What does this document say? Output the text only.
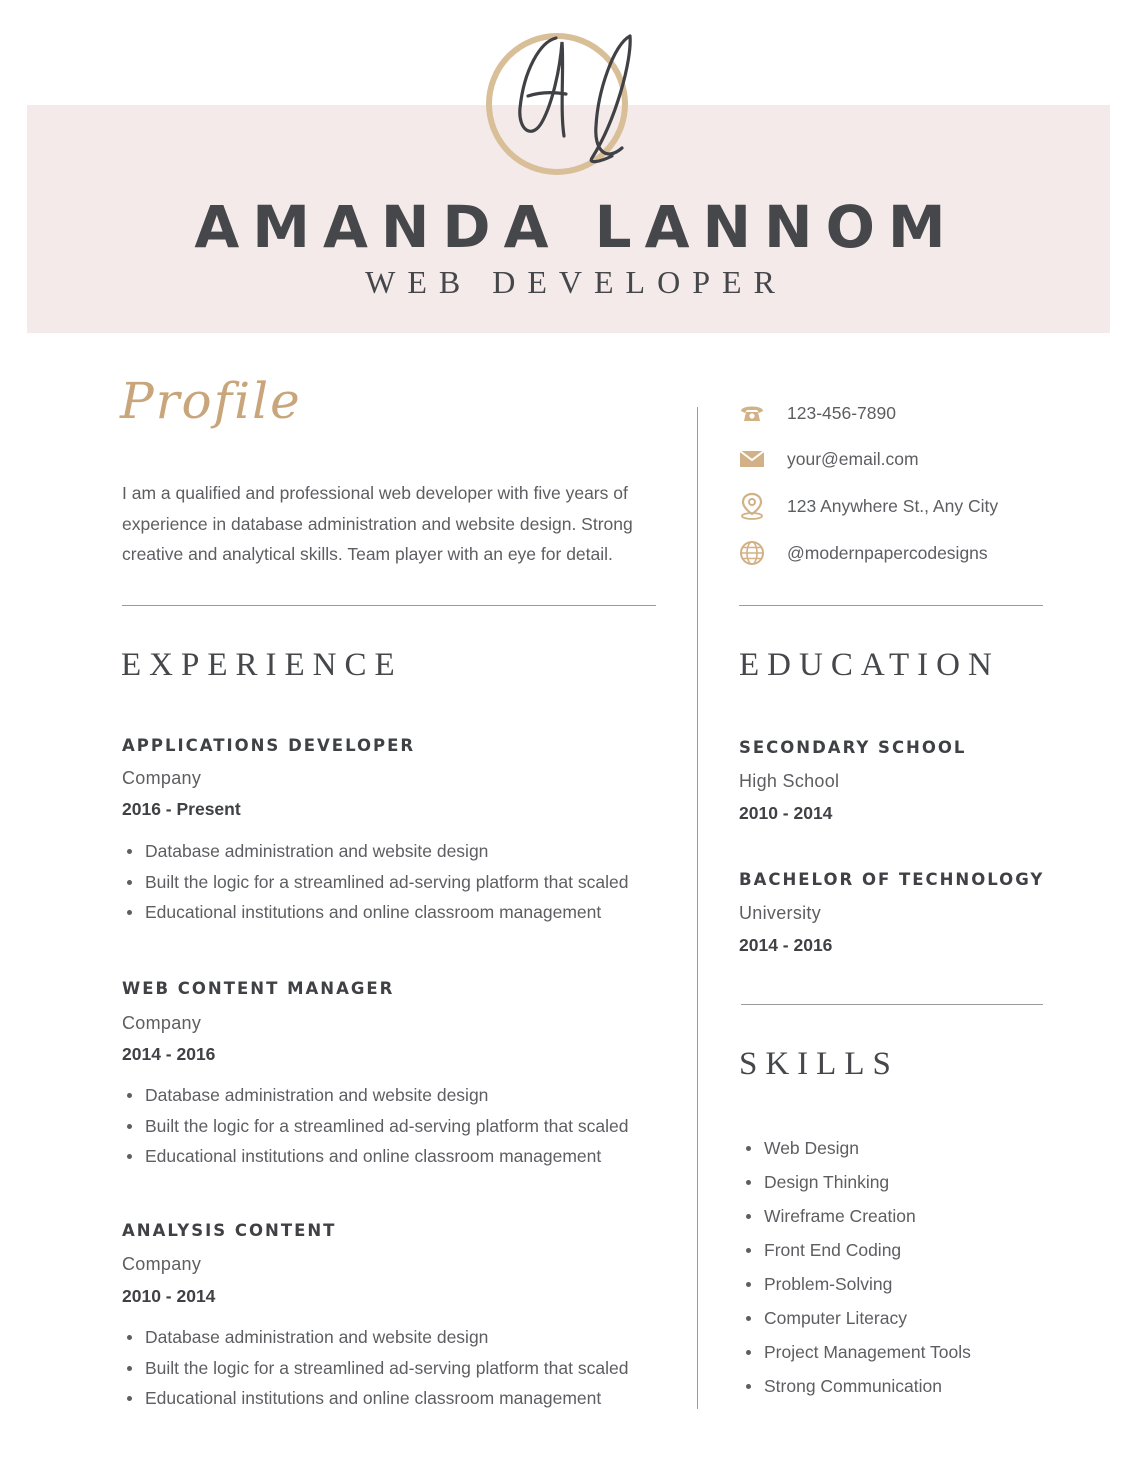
AMANDA LANNOM
WEB DEVELOPER
Profile
I am a qualified and professional web developer with five years of experience in database administration and website design. Strong creative and analytical skills. Team player with an eye for detail.
123-456-7890
your@email.com
123 Anywhere St., Any City
@modernpapercodesigns
EXPERIENCE
APPLICATIONS DEVELOPER
Company
2016 - Present
Database administration and website design
Built the logic for a streamlined ad-serving platform that scaled
Educational institutions and online classroom management
WEB CONTENT MANAGER
Company
2014 - 2016
Database administration and website design
Built the logic for a streamlined ad-serving platform that scaled
Educational institutions and online classroom management
ANALYSIS CONTENT
Company
2010 - 2014
Database administration and website design
Built the logic for a streamlined ad-serving platform that scaled
Educational institutions and online classroom management
EDUCATION
SECONDARY SCHOOL
High School
2010 - 2014
BACHELOR OF TECHNOLOGY
University
2014 - 2016
SKILLS
Web Design
Design Thinking
Wireframe Creation
Front End Coding
Problem-Solving
Computer Literacy
Project Management Tools
Strong Communication
